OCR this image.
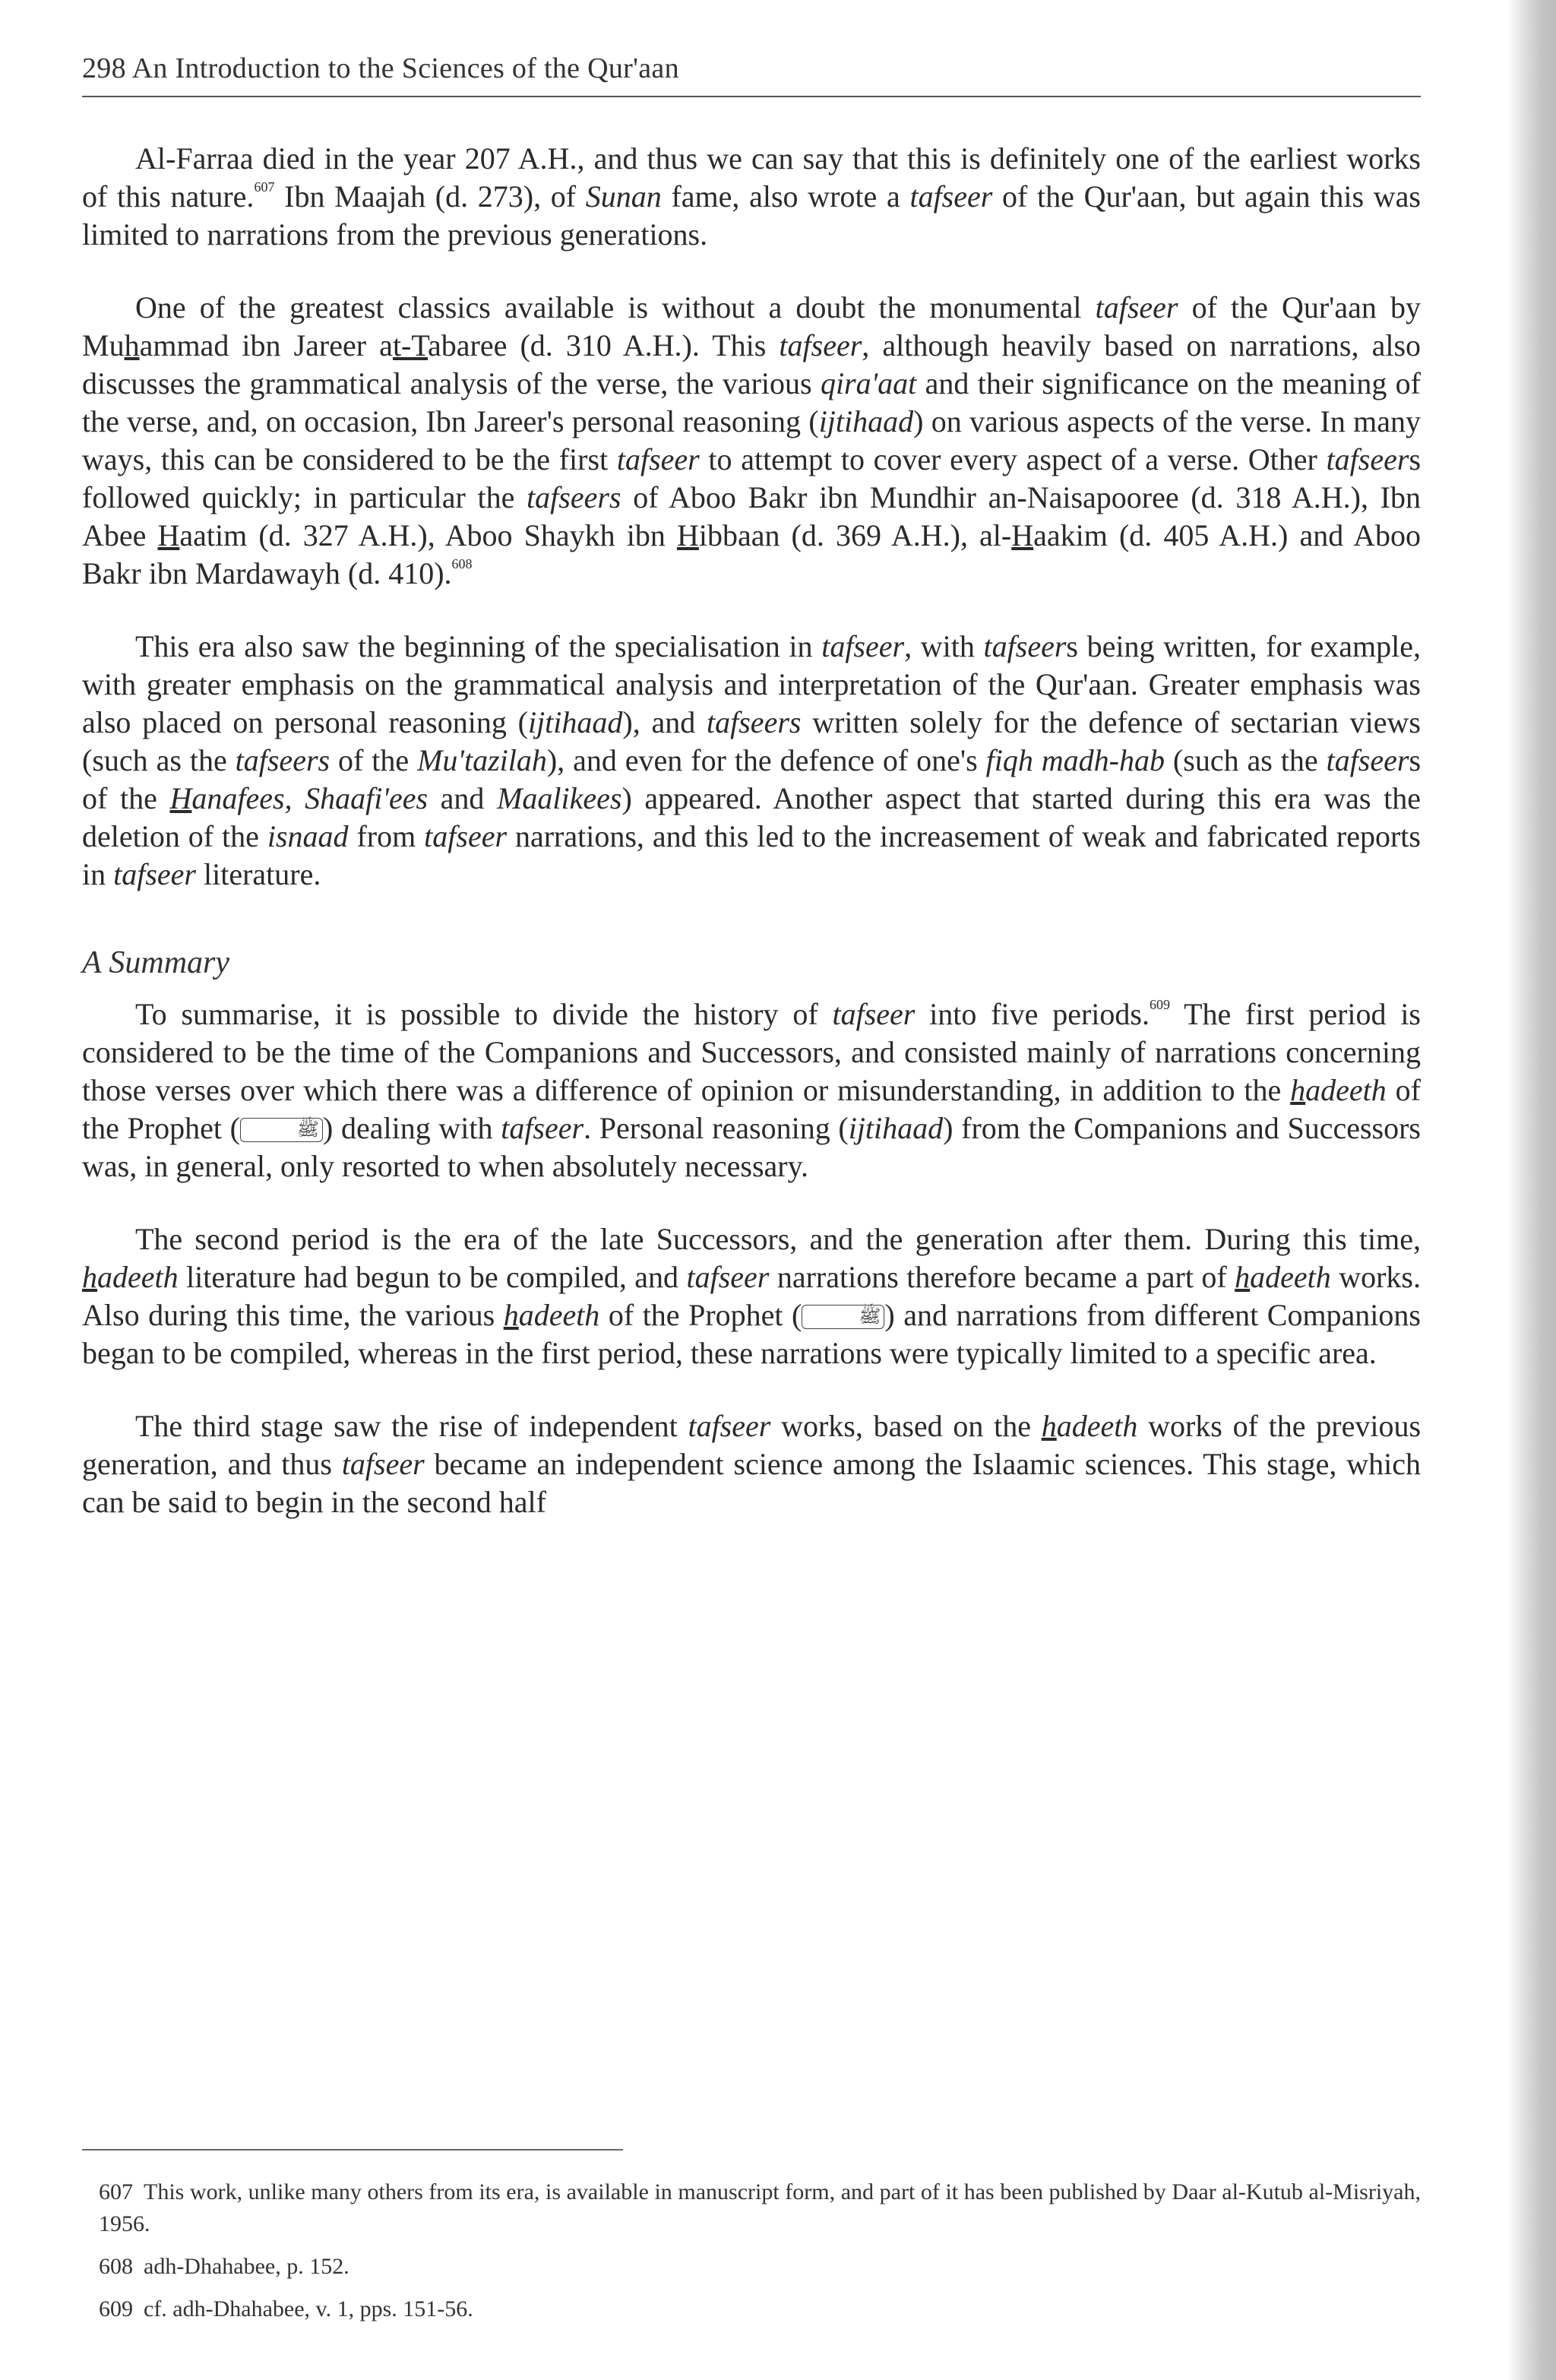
298 An Introduction to the Sciences of the Qur'aan

Al-Farraa died in the year 207 A.H., and thus we can say that this is definitely one of the earliest works of this nature.$^{607}$ Ibn Maajah (d. 273), of Sunan fame, also wrote a tafseer of the Qur'aan, but again this was limited to narrations from the previous generations.

One of the greatest classics available is without a doubt the monumental tafseer of the Qur'aan by Muhammad ibn Jareer at-Tabaree (d. 310 A.H.). This tafseer, although heavily based on narrations, also discusses the grammatical analysis of the verse, the various qira'aat and their significance on the meaning of the verse, and, on occasion, Ibn Jareer's personal reasoning (ijtihaad) on various aspects of the verse. In many ways, this can be considered to be the first tafseer to attempt to cover every aspect of a verse. Other tafseers followed quickly; in particular the tafseers of Aboo Bakr ibn Mundhir an-Naisapooree (d. 318 A.H.), Ibn Abee Haatim (d. 327 A.H.), Aboo Shaykh ibn Hibbaan (d. 369 A.H.), al-Haakim (d. 405 A.H.) and Aboo Bakr ibn Mardawayh (d. 410).$^{608}$

This era also saw the beginning of the specialisation in tafseer, with tafseers being written, for example, with greater emphasis on the grammatical analysis and interpretation of the Qur'aan. Greater emphasis was also placed on personal reasoning (ijtihaad), and tafseers written solely for the defence of sectarian views (such as the tafseers of the Mu'tazilah), and even for the defence of one's fiqh madh-hab (such as the tafseers of the Hanafees, Shaafi'ees and Maalikees) appeared. Another aspect that started during this era was the deletion of the isnaad from tafseer narrations, and this led to the increasement of weak and fabricated reports in tafseer literature.

A Summary

To summarise, it is possible to divide the history of tafseer into five periods.$^{609}$ The first period is considered to be the time of the Companions and Successors, and consisted mainly of narrations concerning those verses over which there was a difference of opinion or misunderstanding, in addition to the hadeeth of the Prophet (	ﷺ ) dealing with tafseer. Personal reasoning (ijtihaad) from the Companions and Successors was, in general, only resorted to when absolutely necessary.

The second period is the era of the late Successors, and the generation after them. During this time, hadeeth literature had begun to be compiled, and tafseer narrations therefore became a part of hadeeth works. Also during this time, the various hadeeth of the Prophet (	ﷺ ) and narrations from different Companions began to be compiled, whereas in the first period, these narrations were typically limited to a specific area.

The third stage saw the rise of independent tafseer works, based on the hadeeth works of the previous generation, and thus tafseer became an independent science among the Islaamic sciences. This stage, which can be said to begin in the second half

607 This work, unlike many others from its era, is available in manuscript form, and part of it has been published by Daar al-Kutub al-Misriyah, 1956.
608 adh-Dhahabee, p. 152.
609 cf. adh-Dhahabee, v. 1, pps. 151-56.
